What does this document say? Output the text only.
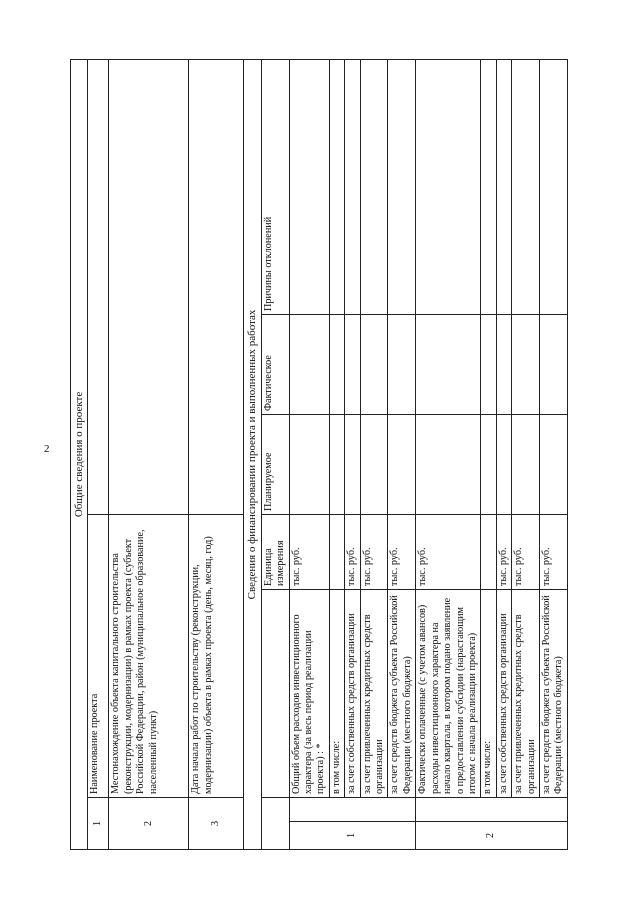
2 Общие сведения о проекте						
1		Наименование проекта				
2		Местонахождение объекта капитального строительства (реконструкции, модернизации) в рамках проекта (субъект Российской Федерации, район (муниципальное образование, населенный пункт)				
3		Дата начала работ по строительству (реконструкции, модернизации) объекта в рамках проекта (день, месяц, год)				
Сведения о финансировании проекта и выполненных работах						
			Единица измерения	Планируемое	Фактическое	Причины отклонений
1		Общий объем расходов инвестиционного характера (за весь период реализации проекта) : *	тыс. руб.			
		в том числе:				
		за счет собственных средств организации	тыс. руб.			
		за счет привлеченных кредитных средств организации	тыс. руб.			
		за счет средств бюджета субъекта Российской Федерации (местного бюджета)	тыс. руб.			
2		Фактически оплаченные (с учетом авансов) расходы инвестиционного характера на начало квартала, в котором подано заявление о предоставлении субсидии (нарастающим итогом с начала реализации проекта)	тыс. руб.			
		в том числе:				
		за счет собственных средств организации	тыс. руб.			
		за счет привлеченных кредитных средств организации	тыс. руб.			
		за счет средств бюджета субъекта Российской Федерации (местного бюджета)	тыс. руб.			
